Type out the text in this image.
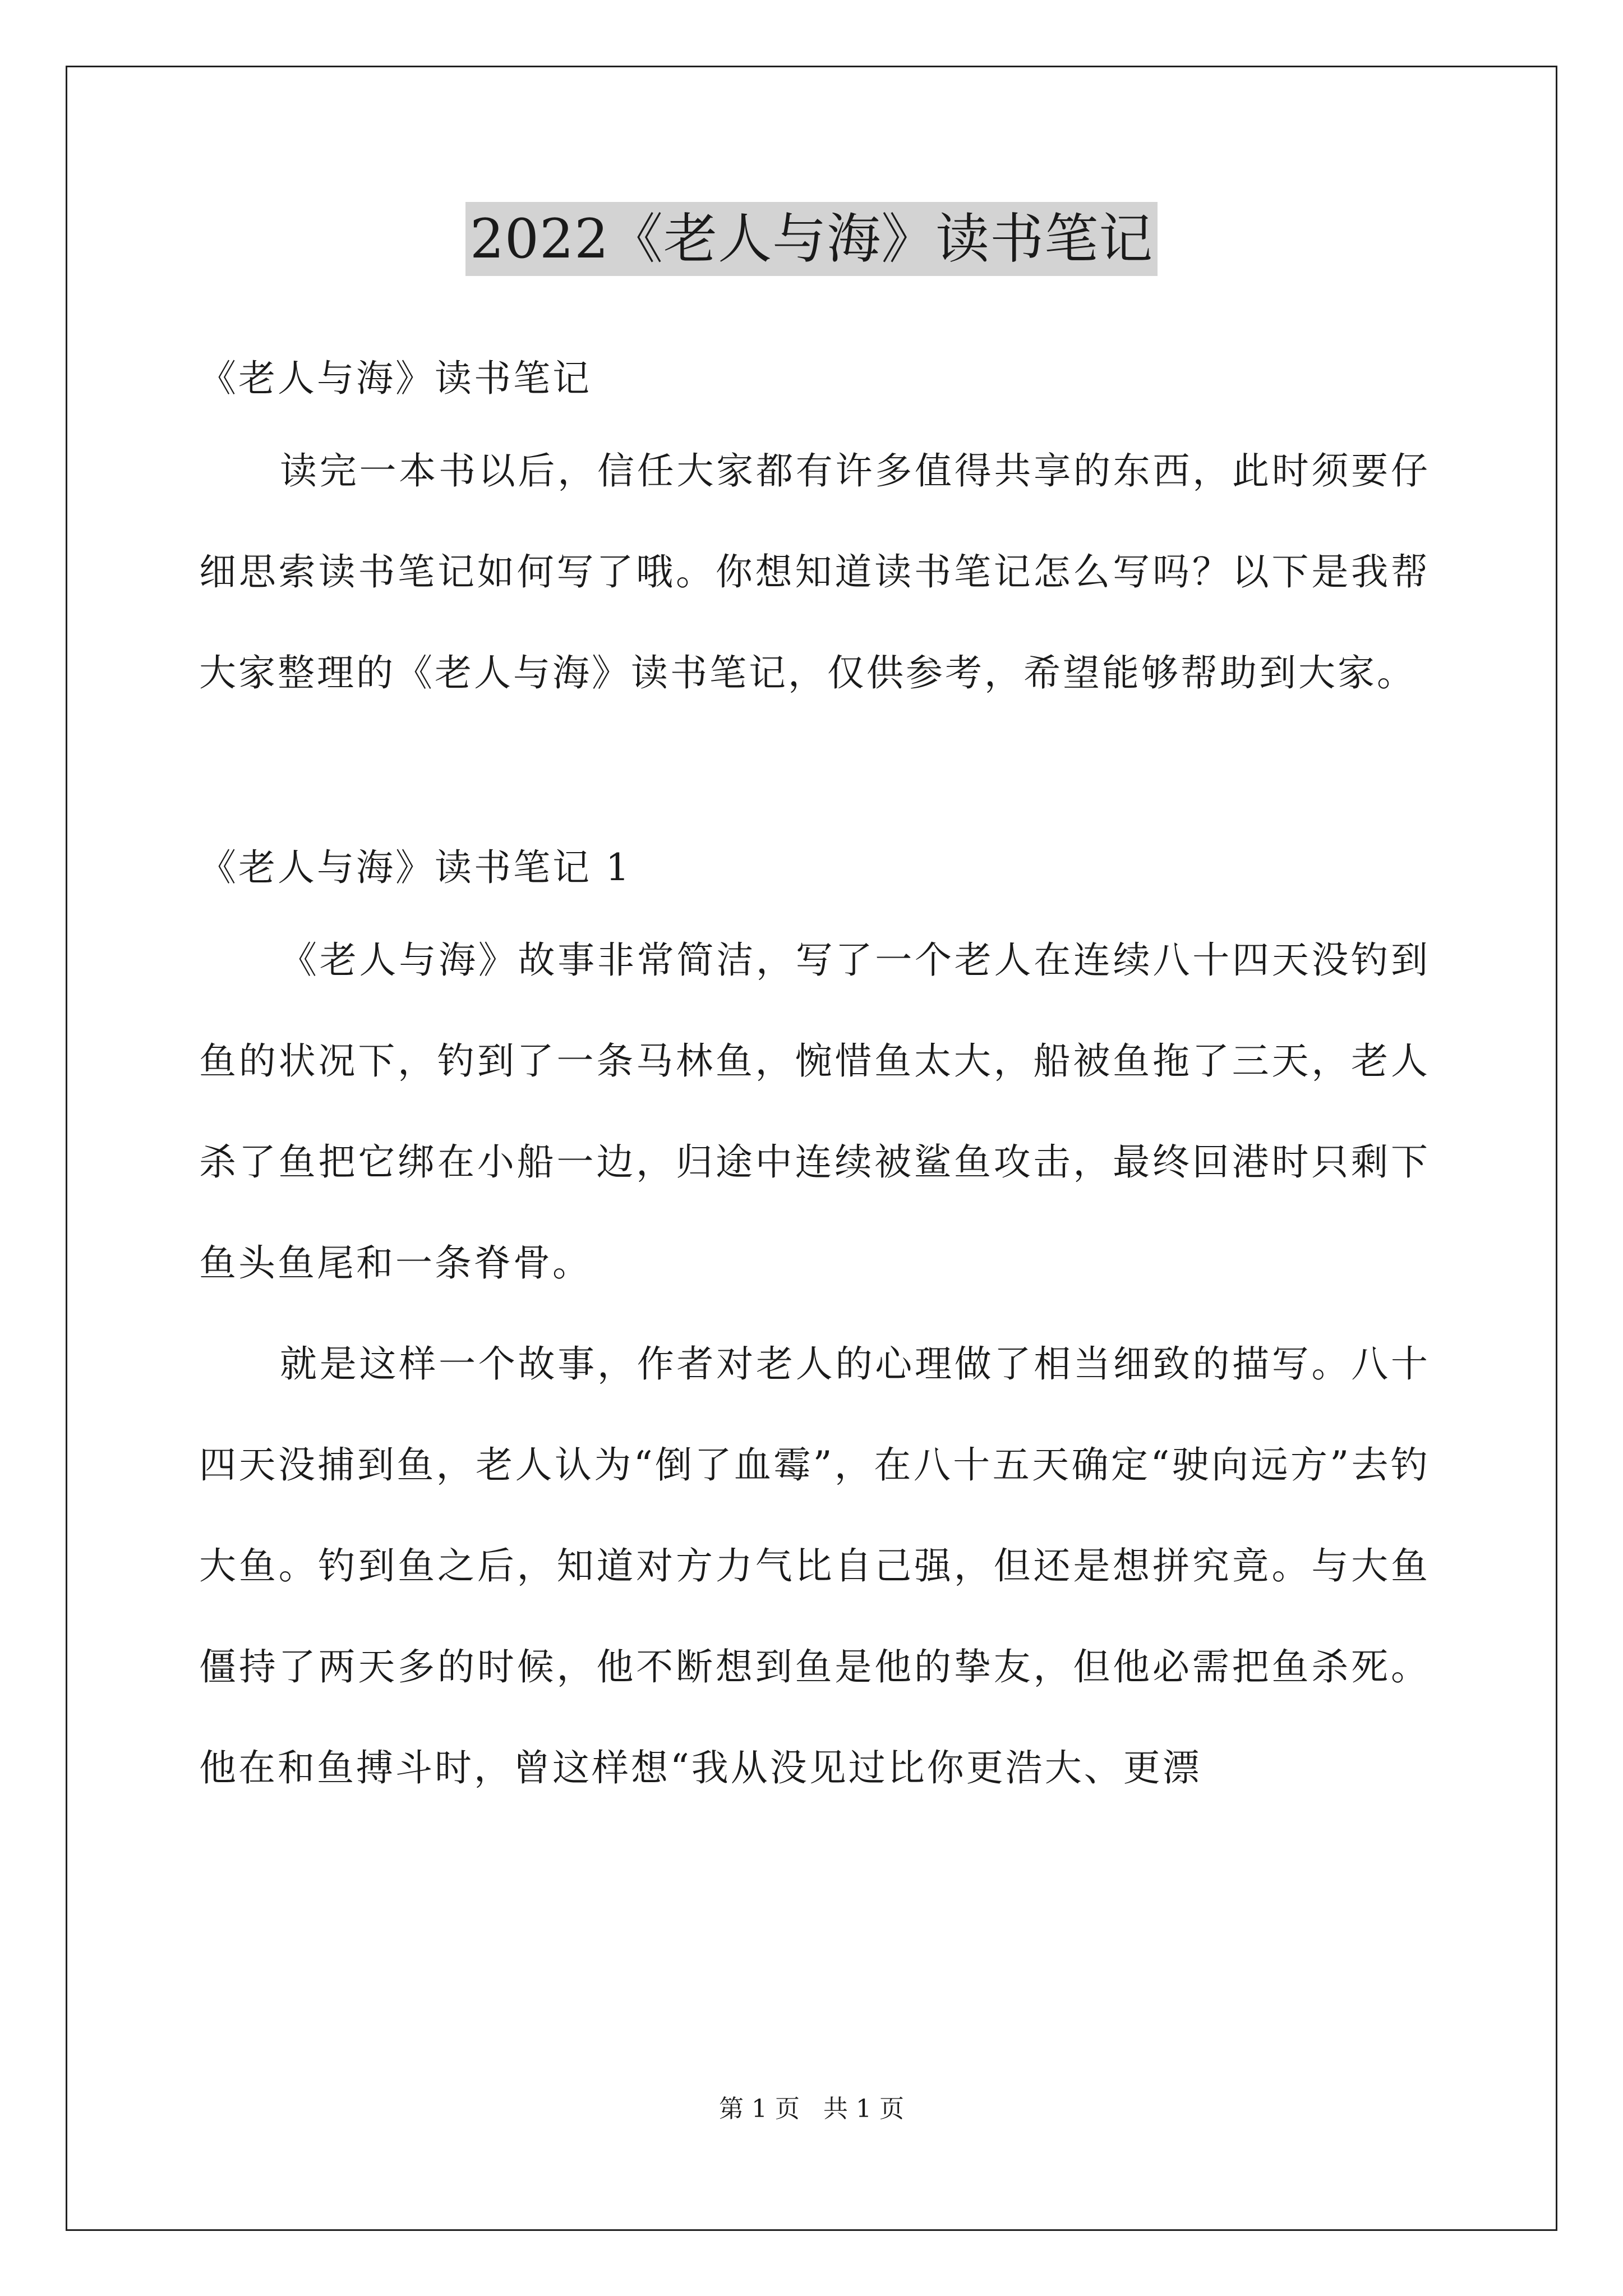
2022《老人与海》读书笔记

《老人与海》读书笔记

读完一本书以后，信任大家都有许多值得共享的东西，此时须要仔细思索读书笔记如何写了哦。你想知道读书笔记怎么写吗？以下是我帮大家整理的《老人与海》读书笔记，仅供参考，希望能够帮助到大家。

《老人与海》读书笔记 1

《老人与海》故事非常简洁，写了一个老人在连续八十四天没钓到鱼的状况下，钓到了一条马林鱼，惋惜鱼太大，船被鱼拖了三天，老人杀了鱼把它绑在小船一边，归途中连续被鲨鱼攻击，最终回港时只剩下鱼头鱼尾和一条脊骨。

就是这样一个故事，作者对老人的心理做了相当细致的描写。八十四天没捕到鱼，老人认为“倒了血霉”，在八十五天确定“驶向远方”去钓大鱼。钓到鱼之后，知道对方力气比自己强，但还是想拼究竟。与大鱼僵持了两天多的时候，他不断想到鱼是他的挚友，但他必需把鱼杀死。他在和鱼搏斗时，曾这样想“我从没见过比你更浩大、更漂

第 1 页 共 1 页
